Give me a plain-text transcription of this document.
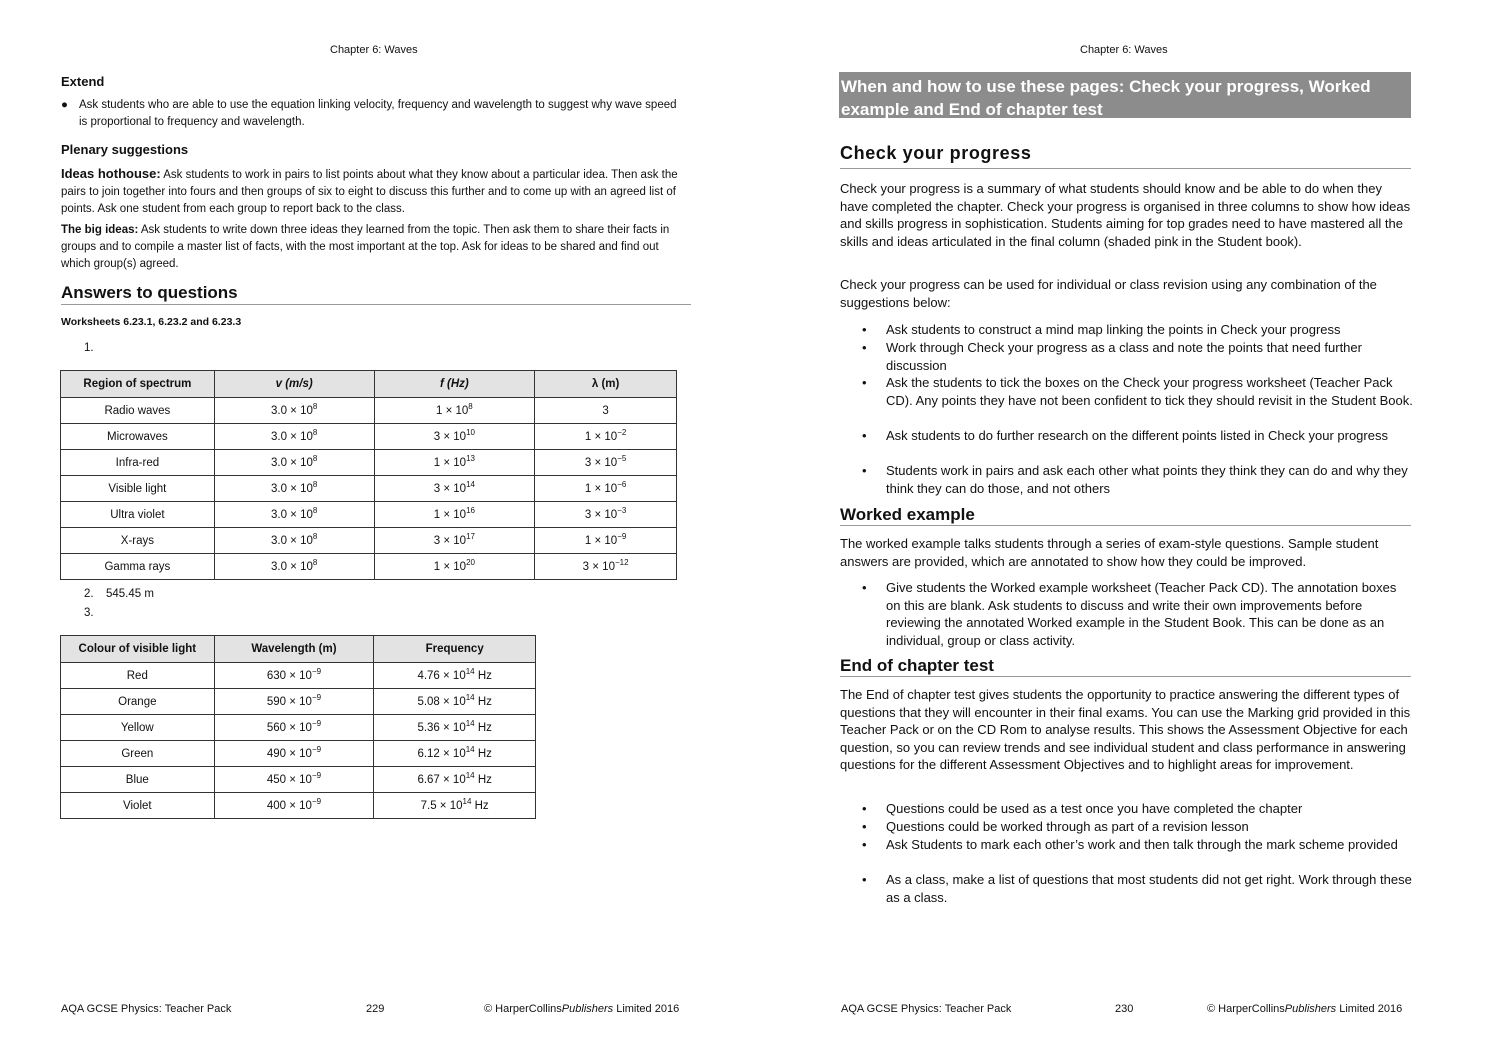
Chapter 6: Waves
Extend
● Ask students who are able to use the equation linking velocity, frequency and wavelength to suggest why wave speed is proportional to frequency and wavelength.
Plenary suggestions
Ideas hothouse: Ask students to work in pairs to list points about what they know about a particular idea. Then ask the pairs to join together into fours and then groups of six to eight to discuss this further and to come up with an agreed list of points. Ask one student from each group to report back to the class.
The big ideas: Ask students to write down three ideas they learned from the topic. Then ask them to share their facts in groups and to compile a master list of facts, with the most important at the top. Ask for ideas to be shared and find out which group(s) agreed.
Answers to questions
Worksheets 6.23.1, 6.23.2 and 6.23.3
1.
Region of spectrum	v (m/s)	f (Hz)	λ (m)
Radio waves	$3.0 \times 10^8$	$1 \times 10^8$	3
Microwaves	$3.0 \times 10^8$	$3 \times 10^{10}$	$1 \times 10^{-2}$
Infra-red	$3.0 \times 10^8$	$1 \times 10^{13}$	$3 \times 10^{-5}$
Visible light	$3.0 \times 10^8$	$3 \times 10^{14}$	$1 \times 10^{-6}$
Ultra violet	$3.0 \times 10^8$	$1 \times 10^{16}$	$3 \times 10^{-3}$
X-rays	$3.0 \times 10^8$	$3 \times 10^{17}$	$1 \times 10^{-9}$
Gamma rays	$3.0 \times 10^8$	$1 \times 10^{20}$	$3 \times 10^{-12}$
2. 545.45 m
3.
Colour of visible light	Wavelength (m)	Frequency
Red	$630 \times 10^{-9}$	$4.76 \times 10^{14}$ Hz
Orange	$590 \times 10^{-9}$	$5.08 \times 10^{14}$ Hz
Yellow	$560 \times 10^{-9}$	$5.36 \times 10^{14}$ Hz
Green	$490 \times 10^{-9}$	$6.12 \times 10^{14}$ Hz
Blue	$450 \times 10^{-9}$	$6.67 \times 10^{14}$ Hz
Violet	$400 \times 10^{-9}$	$7.5 \times 10^{14}$ Hz
AQA GCSE Physics: Teacher Pack	229	© HarperCollinsPublishers Limited 2016
Chapter 6: Waves
When and how to use these pages: Check your progress, Worked example and End of chapter test
Check your progress
Check your progress is a summary of what students should know and be able to do when they have completed the chapter. Check your progress is organised in three columns to show how ideas and skills progress in sophistication. Students aiming for top grades need to have mastered all the skills and ideas articulated in the final column (shaded pink in the Student book).
Check your progress can be used for individual or class revision using any combination of the suggestions below:
• Ask students to construct a mind map linking the points in Check your progress
• Work through Check your progress as a class and note the points that need further discussion
• Ask the students to tick the boxes on the Check your progress worksheet (Teacher Pack CD). Any points they have not been confident to tick they should revisit in the Student Book.
• Ask students to do further research on the different points listed in Check your progress
• Students work in pairs and ask each other what points they think they can do and why they think they can do those, and not others
Worked example
The worked example talks students through a series of exam-style questions. Sample student answers are provided, which are annotated to show how they could be improved.
• Give students the Worked example worksheet (Teacher Pack CD). The annotation boxes on this are blank. Ask students to discuss and write their own improvements before reviewing the annotated Worked example in the Student Book. This can be done as an individual, group or class activity.
End of chapter test
The End of chapter test gives students the opportunity to practice answering the different types of questions that they will encounter in their final exams. You can use the Marking grid provided in this Teacher Pack or on the CD Rom to analyse results. This shows the Assessment Objective for each question, so you can review trends and see individual student and class performance in answering questions for the different Assessment Objectives and to highlight areas for improvement.
• Questions could be used as a test once you have completed the chapter
• Questions could be worked through as part of a revision lesson
• Ask Students to mark each other’s work and then talk through the mark scheme provided
• As a class, make a list of questions that most students did not get right. Work through these as a class.
AQA GCSE Physics: Teacher Pack	230	© HarperCollinsPublishers Limited 2016
